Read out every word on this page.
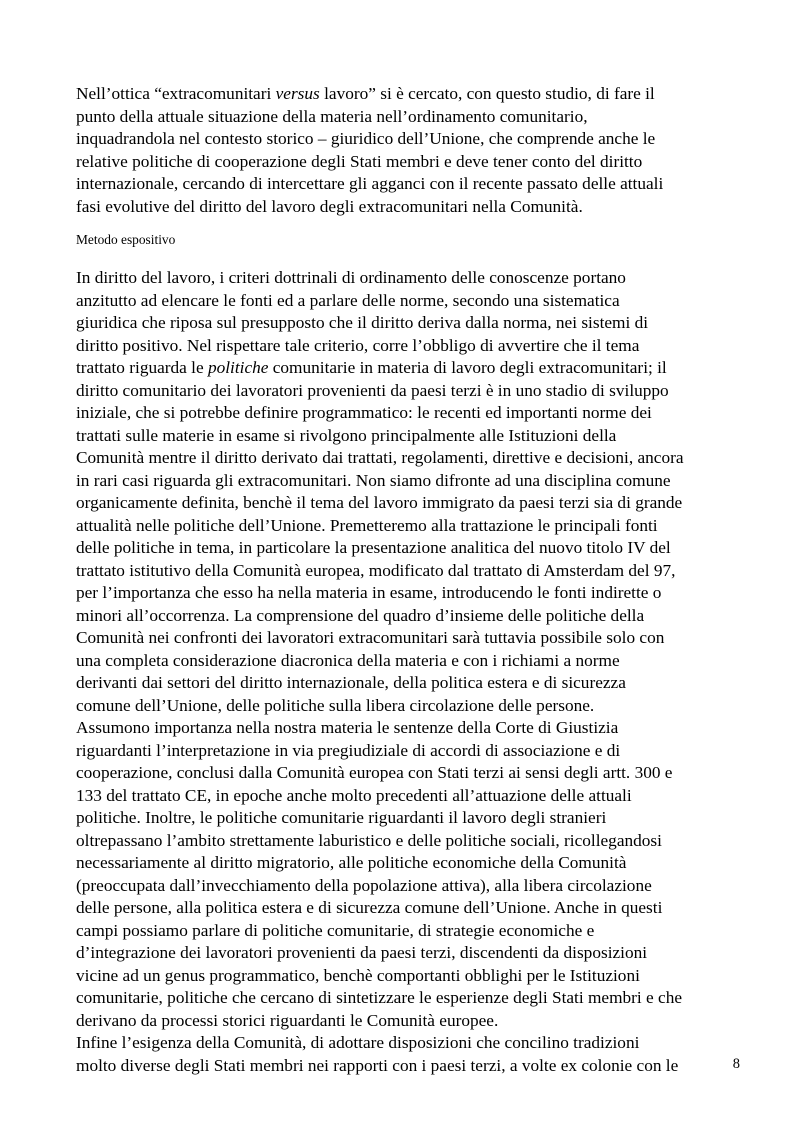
Nell’ottica “extracomunitari versus lavoro” si è cercato, con questo studio, di fare il
punto della attuale situazione della materia nell’ordinamento comunitario,
inquadrandola nel contesto storico – giuridico dell’Unione, che comprende anche le
relative politiche di cooperazione degli Stati membri e deve tener conto del diritto
internazionale, cercando di intercettare gli agganci con il recente passato delle attuali
fasi evolutive del diritto del lavoro degli extracomunitari nella Comunità.

Metodo espositivo

In diritto del lavoro, i criteri dottrinali di ordinamento delle conoscenze portano
anzitutto ad elencare le fonti ed a parlare delle norme, secondo una sistematica
giuridica che riposa sul presupposto che il diritto deriva dalla norma, nei sistemi di
diritto positivo. Nel rispettare tale criterio, corre l’obbligo di avvertire che il tema
trattato riguarda le politiche comunitarie in materia di lavoro degli extracomunitari; il
diritto comunitario dei lavoratori provenienti da paesi terzi è in uno stadio di sviluppo
iniziale, che si potrebbe definire programmatico: le recenti ed importanti norme dei
trattati sulle materie in esame si rivolgono principalmente alle Istituzioni della
Comunità mentre il diritto derivato dai trattati, regolamenti, direttive e decisioni, ancora
in rari casi riguarda gli extracomunitari. Non siamo difronte ad una disciplina comune
organicamente definita, benchè il tema del lavoro immigrato da paesi terzi sia di grande
attualità nelle politiche dell’Unione. Premetteremo alla trattazione le principali fonti
delle politiche in tema, in particolare la presentazione analitica del nuovo titolo IV del
trattato istitutivo della Comunità europea, modificato dal trattato di Amsterdam del 97,
per l’importanza che esso ha nella materia in esame, introducendo le fonti indirette o
minori all’occorrenza. La comprensione del quadro d’insieme delle politiche della
Comunità nei confronti dei lavoratori extracomunitari sarà tuttavia possibile solo con
una completa considerazione diacronica della materia e con i richiami a norme
derivanti dai settori del diritto internazionale, della politica estera e di sicurezza
comune dell’Unione, delle politiche sulla libera circolazione delle persone.
Assumono importanza nella nostra materia le sentenze della Corte di Giustizia
riguardanti l’interpretazione in via pregiudiziale di accordi di associazione e di
cooperazione, conclusi dalla Comunità europea con Stati terzi ai sensi degli artt. 300 e
133 del trattato CE, in epoche anche molto precedenti all’attuazione delle attuali
politiche. Inoltre, le politiche comunitarie riguardanti il lavoro degli stranieri
oltrepassano l’ambito strettamente laburistico e delle politiche sociali, ricollegandosi
necessariamente al diritto migratorio, alle politiche economiche della Comunità
(preoccupata dall’invecchiamento della popolazione attiva), alla libera circolazione
delle persone, alla politica estera e di sicurezza comune dell’Unione. Anche in questi
campi possiamo parlare di politiche comunitarie, di strategie economiche e
d’integrazione dei lavoratori provenienti da paesi terzi, discendenti da disposizioni
vicine ad un genus programmatico, benchè comportanti obblighi per le Istituzioni
comunitarie, politiche che cercano di sintetizzare le esperienze degli Stati membri e che
derivano da processi storici riguardanti le Comunità europee.
Infine l’esigenza della Comunità, di adottare disposizioni che concilino tradizioni
molto diverse degli Stati membri nei rapporti con i paesi terzi, a volte ex colonie con le	8
